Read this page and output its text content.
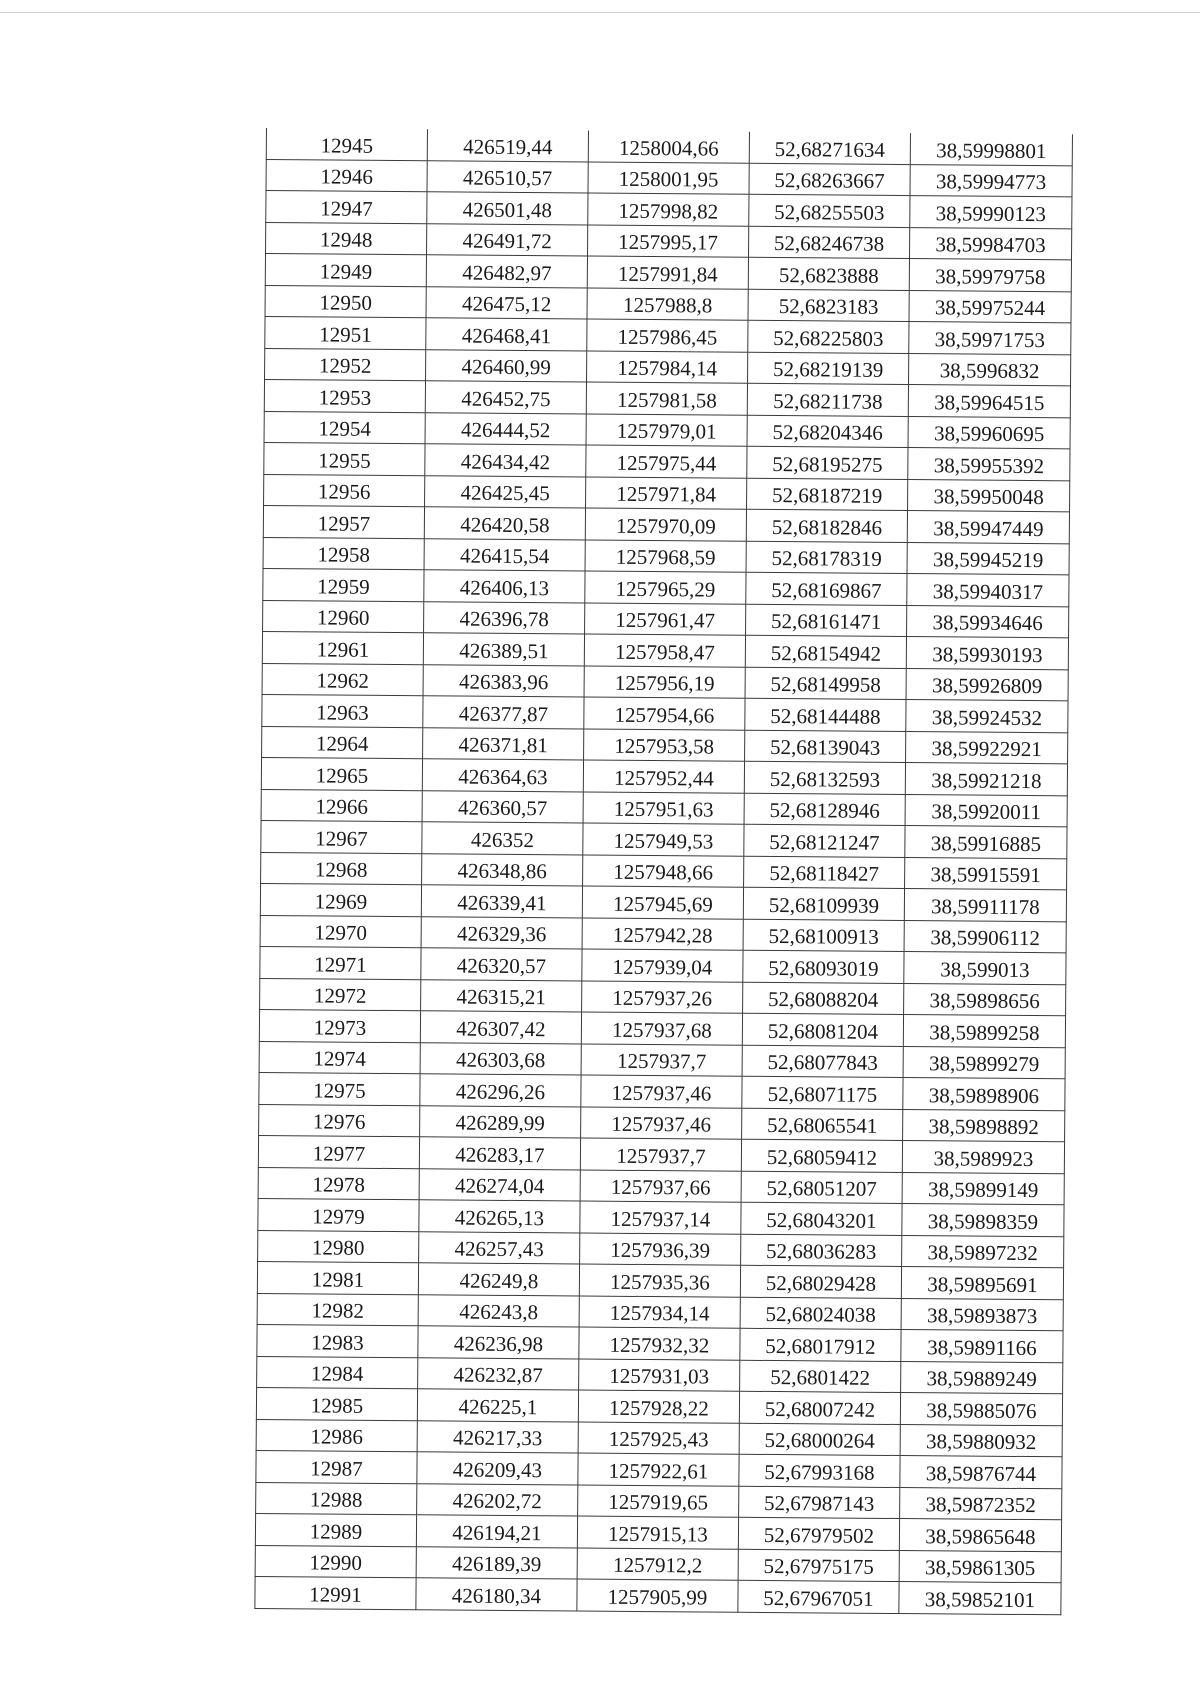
12945	426519,44	1258004,66	52,68271634	38,59998801
12946	426510,57	1258001,95	52,68263667	38,59994773
12947	426501,48	1257998,82	52,68255503	38,59990123
12948	426491,72	1257995,17	52,68246738	38,59984703
12949	426482,97	1257991,84	52,6823888	38,59979758
12950	426475,12	1257988,8	52,6823183	38,59975244
12951	426468,41	1257986,45	52,68225803	38,59971753
12952	426460,99	1257984,14	52,68219139	38,5996832
12953	426452,75	1257981,58	52,68211738	38,59964515
12954	426444,52	1257979,01	52,68204346	38,59960695
12955	426434,42	1257975,44	52,68195275	38,59955392
12956	426425,45	1257971,84	52,68187219	38,59950048
12957	426420,58	1257970,09	52,68182846	38,59947449
12958	426415,54	1257968,59	52,68178319	38,59945219
12959	426406,13	1257965,29	52,68169867	38,59940317
12960	426396,78	1257961,47	52,68161471	38,59934646
12961	426389,51	1257958,47	52,68154942	38,59930193
12962	426383,96	1257956,19	52,68149958	38,59926809
12963	426377,87	1257954,66	52,68144488	38,59924532
12964	426371,81	1257953,58	52,68139043	38,59922921
12965	426364,63	1257952,44	52,68132593	38,59921218
12966	426360,57	1257951,63	52,68128946	38,59920011
12967	426352	1257949,53	52,68121247	38,59916885
12968	426348,86	1257948,66	52,68118427	38,59915591
12969	426339,41	1257945,69	52,68109939	38,59911178
12970	426329,36	1257942,28	52,68100913	38,59906112
12971	426320,57	1257939,04	52,68093019	38,599013
12972	426315,21	1257937,26	52,68088204	38,59898656
12973	426307,42	1257937,68	52,68081204	38,59899258
12974	426303,68	1257937,7	52,68077843	38,59899279
12975	426296,26	1257937,46	52,68071175	38,59898906
12976	426289,99	1257937,46	52,68065541	38,59898892
12977	426283,17	1257937,7	52,68059412	38,5989923
12978	426274,04	1257937,66	52,68051207	38,59899149
12979	426265,13	1257937,14	52,68043201	38,59898359
12980	426257,43	1257936,39	52,68036283	38,59897232
12981	426249,8	1257935,36	52,68029428	38,59895691
12982	426243,8	1257934,14	52,68024038	38,59893873
12983	426236,98	1257932,32	52,68017912	38,59891166
12984	426232,87	1257931,03	52,6801422	38,59889249
12985	426225,1	1257928,22	52,68007242	38,59885076
12986	426217,33	1257925,43	52,68000264	38,59880932
12987	426209,43	1257922,61	52,67993168	38,59876744
12988	426202,72	1257919,65	52,67987143	38,59872352
12989	426194,21	1257915,13	52,67979502	38,59865648
12990	426189,39	1257912,2	52,67975175	38,59861305
12991	426180,34	1257905,99	52,67967051	38,59852101
